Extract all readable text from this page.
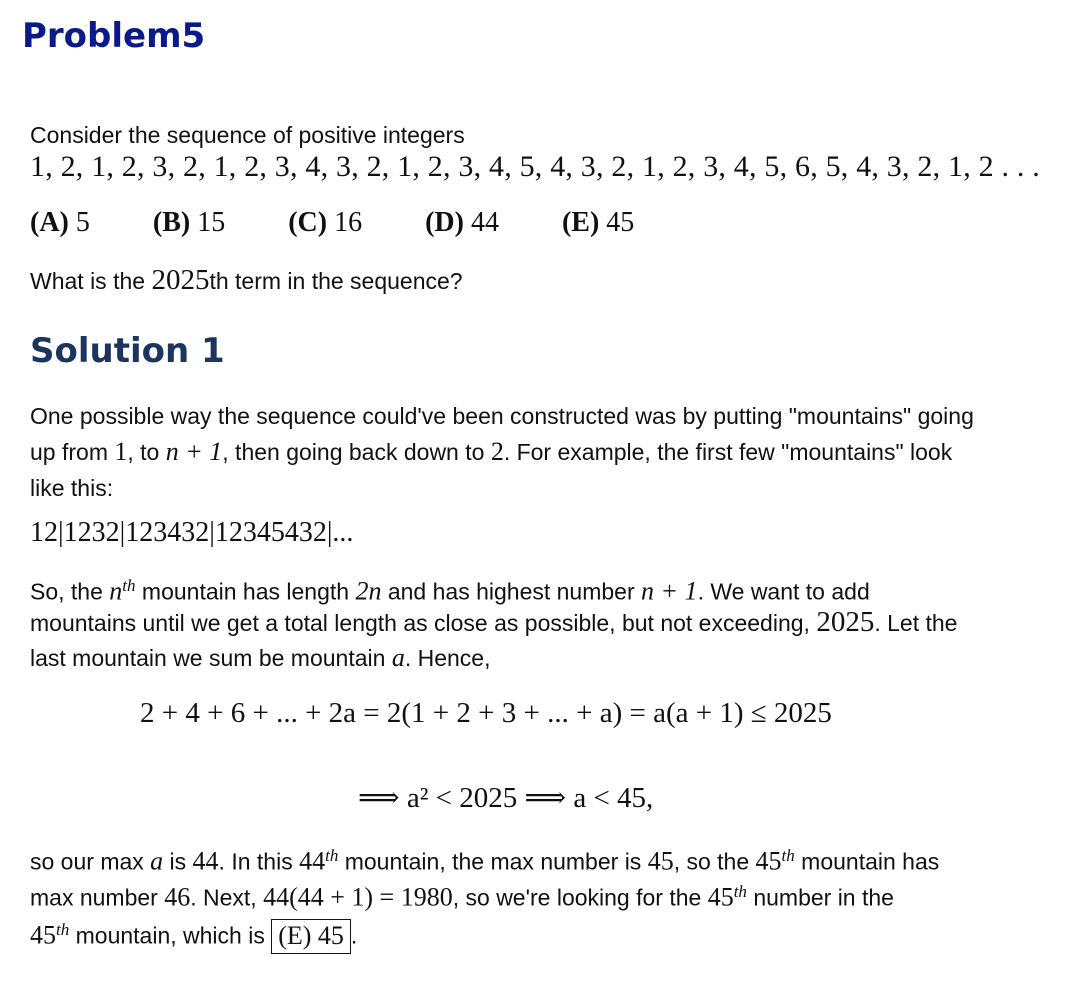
Problem5
Consider the sequence of positive integers
1, 2, 1, 2, 3, 2, 1, 2, 3, 4, 3, 2, 1, 2, 3, 4, 5, 4, 3, 2, 1, 2, 3, 4, 5, 6, 5, 4, 3, 2, 1, 2 . . .
(A) 5 (B) 15 (C) 16 (D) 44 (E) 45
What is the 2025th term in the sequence?
Solution 1
One possible way the sequence could've been constructed was by putting "mountains" going
up from 1, to n + 1, then going back down to 2. For example, the first few "mountains" look
like this:
12|1232|123432|12345432|...
So, the $n^{th}$ mountain has length 2n and has highest number n + 1. We want to add
mountains until we get a total length as close as possible, but not exceeding, 2025. Let the
last mountain we sum be mountain a. Hence,
2 + 4 + 6 + ... + 2a = 2(1 + 2 + 3 + ... + a) = a(a + 1) ≤ 2025
⟹ a² < 2025 ⟹ a < 45,
so our max a is 44. In this 44th mountain, the max number is 45, so the 45th mountain has
max number 46. Next, 44(44 + 1) = 1980, so we're looking for the 45th number in the
45th mountain, which is (E) 45 .
